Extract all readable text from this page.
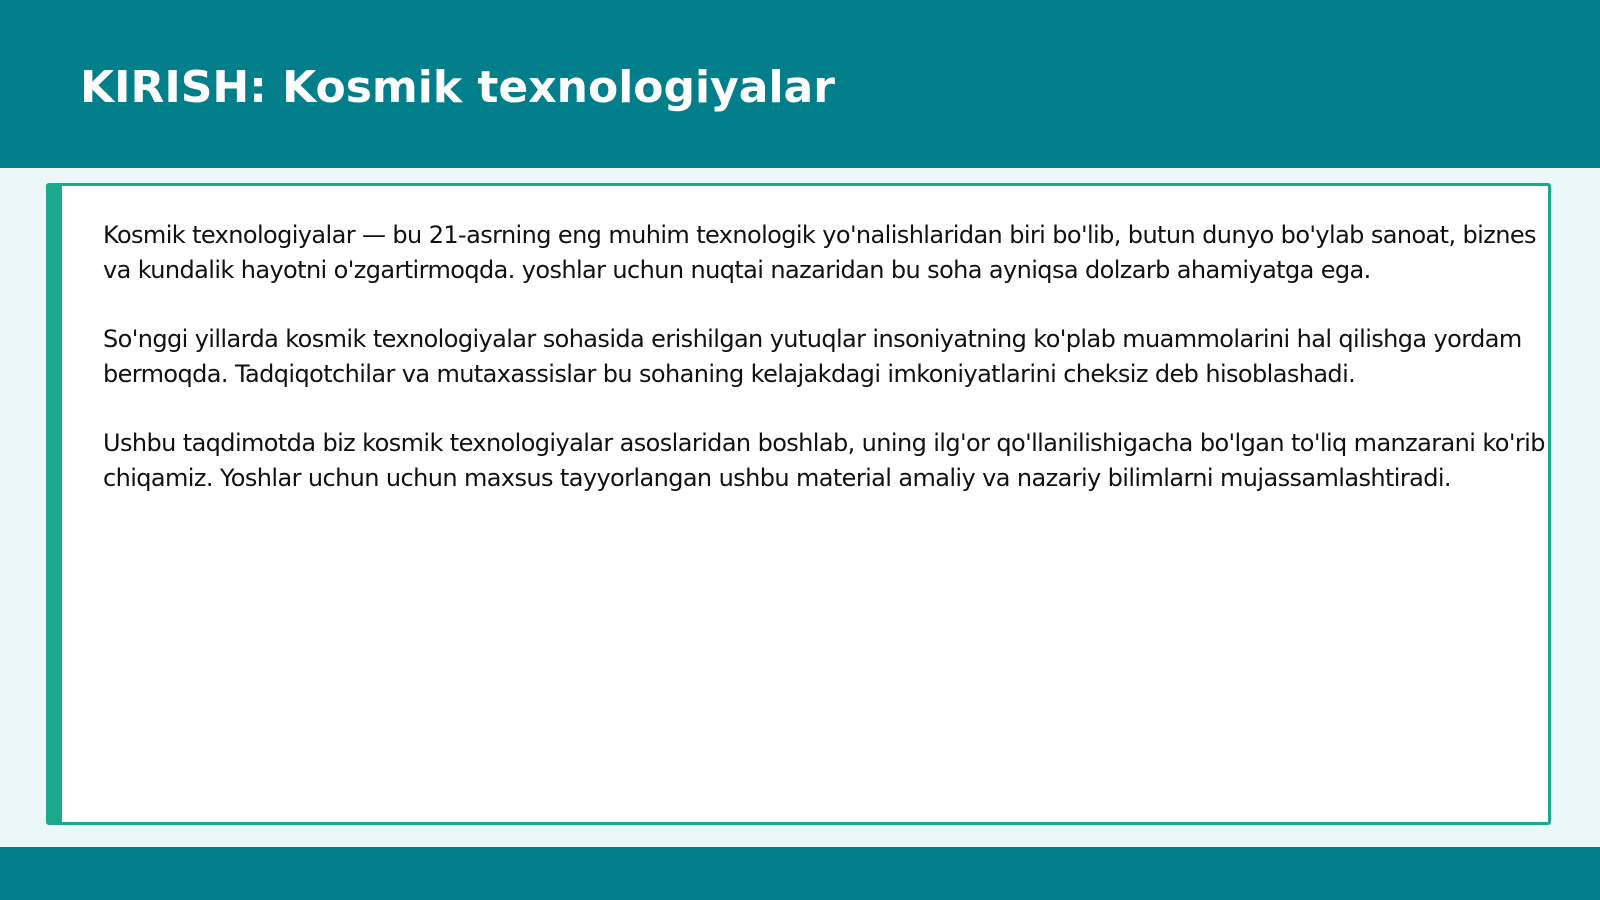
KIRISH: Kosmik texnologiyalar

Kosmik texnologiyalar — bu 21-asrning eng muhim texnologik yo'nalishlaridan biri bo'lib, butun dunyo bo'ylab sanoat, biznes va kundalik hayotni o'zgartirmoqda. yoshlar uchun nuqtai nazaridan bu soha ayniqsa dolzarb ahamiyatga ega.

So'nggi yillarda kosmik texnologiyalar sohasida erishilgan yutuqlar insoniyatning ko'plab muammolarini hal qilishga yordam bermoqda. Tadqiqotchilar va mutaxassislar bu sohaning kelajakdagi imkoniyatlarini cheksiz deb hisoblashadi.

Ushbu taqdimotda biz kosmik texnologiyalar asoslaridan boshlab, uning ilg'or qo'llanilishigacha bo'lgan to'liq manzarani ko'rib chiqamiz. Yoshlar uchun uchun maxsus tayyorlangan ushbu material amaliy va nazariy bilimlarni mujassamlashtiradi.
